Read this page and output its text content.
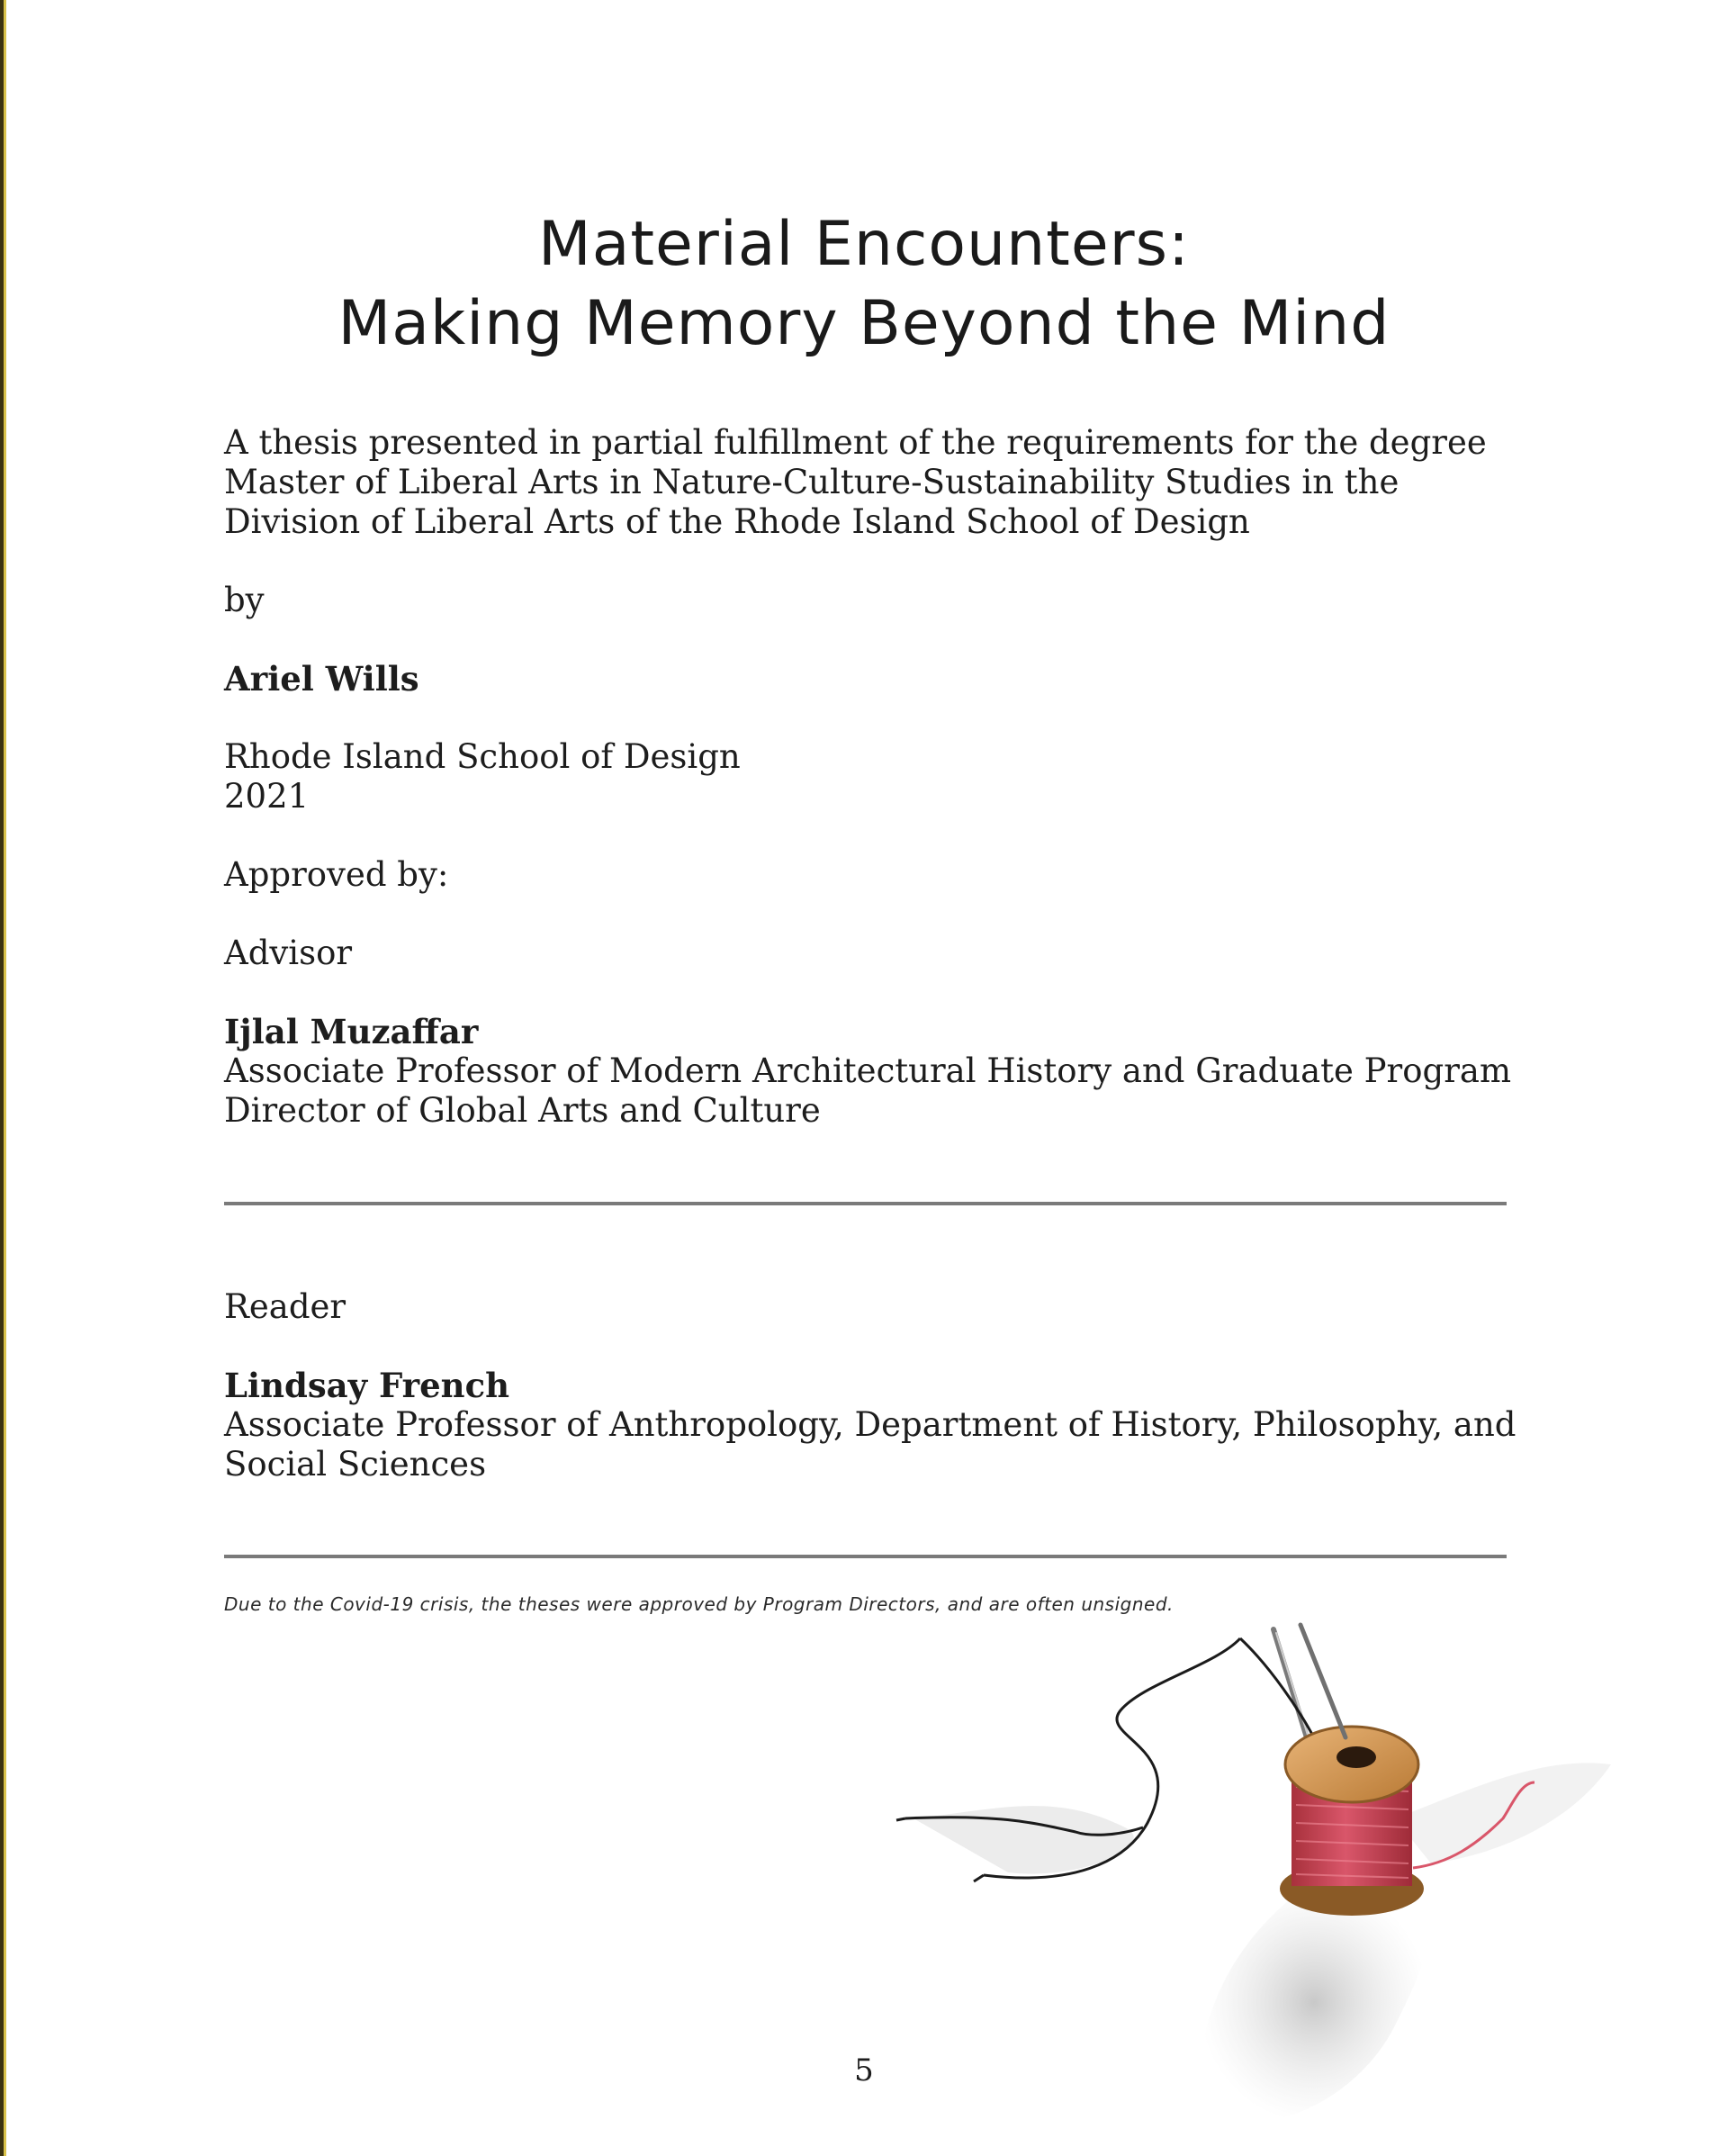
Material Encounters:
Making Memory Beyond the Mind
A thesis presented in partial fulfillment of the requirements for the degree
Master of Liberal Arts in Nature-Culture-Sustainability Studies in the
Division of Liberal Arts of the Rhode Island School of Design
by
Ariel Wills
Rhode Island School of Design
2021
Approved by:
Advisor
Ijlal Muzaffar
Associate Professor of Modern Architectural History and Graduate Program
Director of Global Arts and Culture
Reader
Lindsay French
Associate Professor of Anthropology, Department of History, Philosophy, and
Social Sciences
Due to the Covid-19 crisis, the theses were approved by Program Directors, and are often unsigned.
5
